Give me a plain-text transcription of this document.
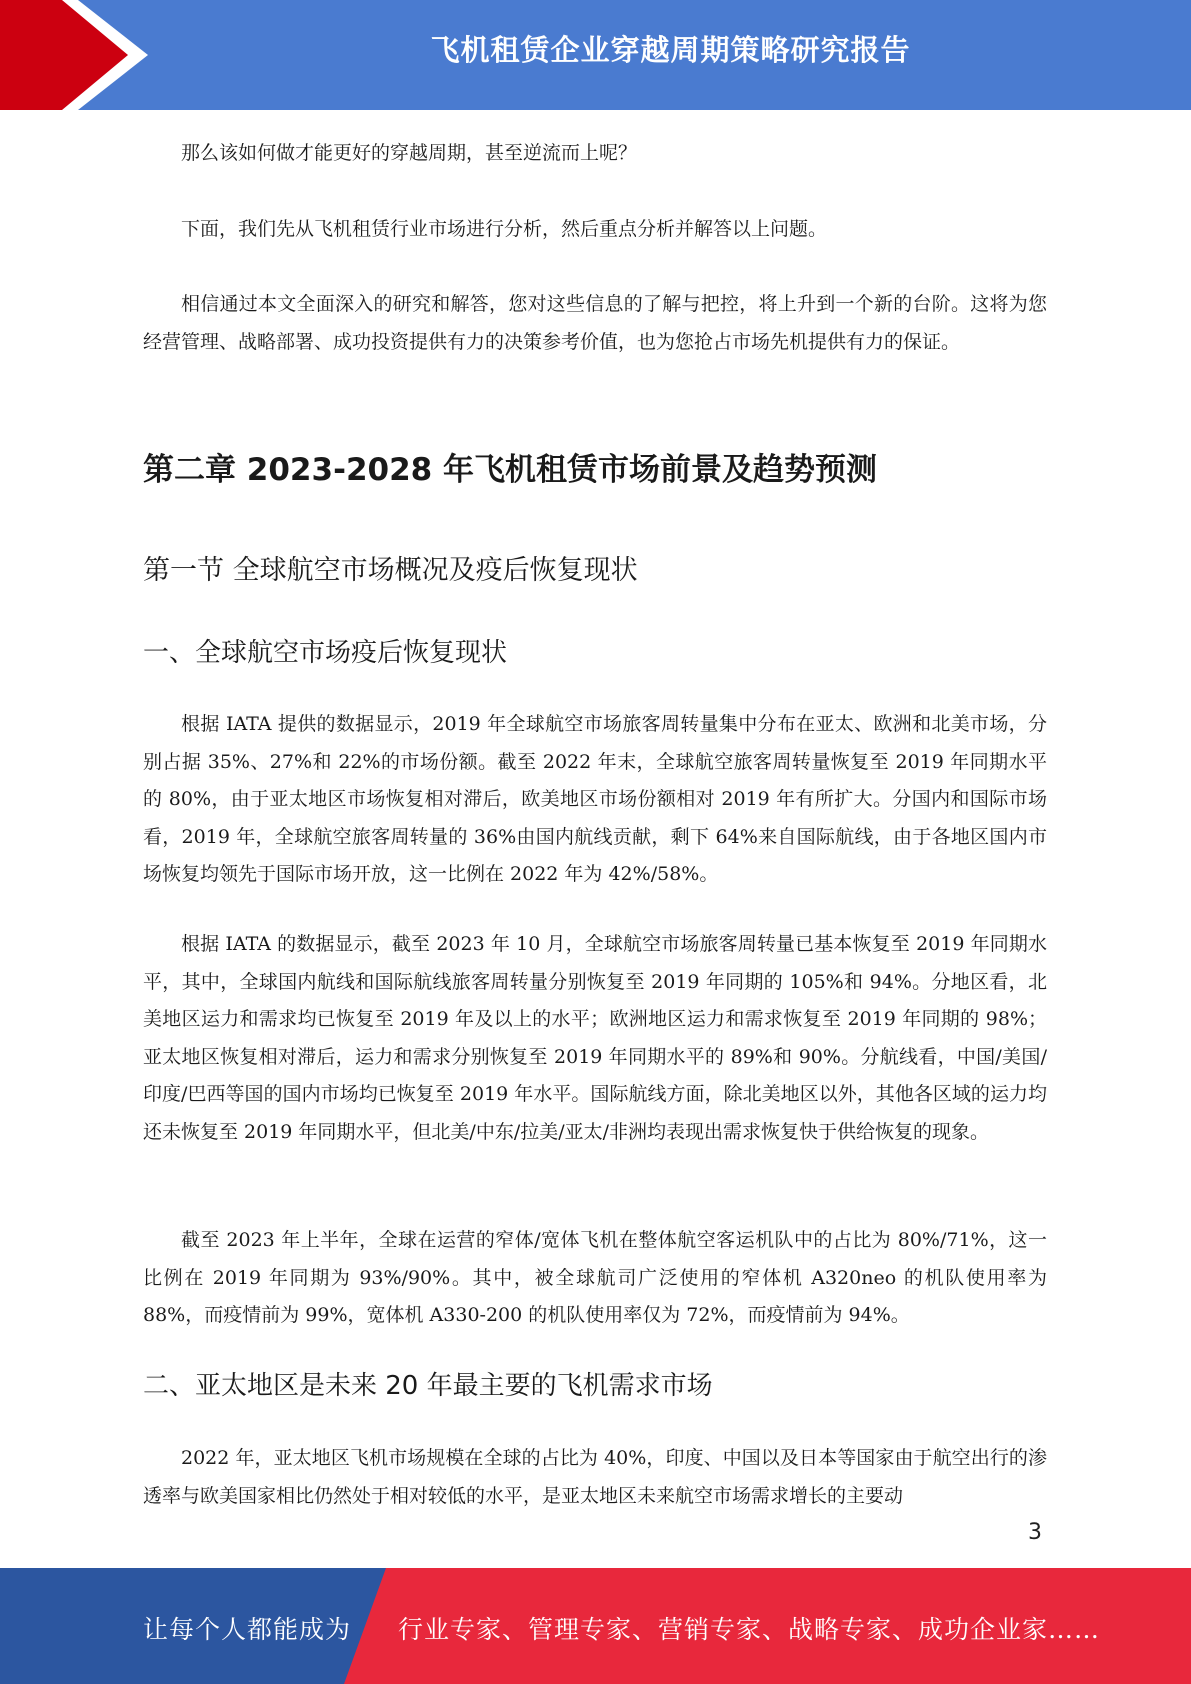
飞机租赁企业穿越周期策略研究报告

那么该如何做才能更好的穿越周期，甚至逆流而上呢？

下面，我们先从飞机租赁行业市场进行分析，然后重点分析并解答以上问题。

相信通过本文全面深入的研究和解答，您对这些信息的了解与把控，将上升到一个新的台阶。这将为您经营管理、战略部署、成功投资提供有力的决策参考价值，也为您抢占市场先机提供有力的保证。

第二章 2023-2028 年飞机租赁市场前景及趋势预测
第一节 全球航空市场概况及疫后恢复现状
一、全球航空市场疫后恢复现状

根据 IATA 提供的数据显示，2019 年全球航空市场旅客周转量集中分布在亚太、欧洲和北美市场，分别占据 35%、27%和 22%的市场份额。截至 2022 年末，全球航空旅客周转量恢复至 2019 年同期水平的 80%，由于亚太地区市场恢复相对滞后，欧美地区市场份额相对 2019 年有所扩大。分国内和国际市场看，2019 年，全球航空旅客周转量的 36%由国内航线贡献，剩下 64%来自国际航线，由于各地区国内市场恢复均领先于国际市场开放，这一比例在 2022 年为 42%/58%。

根据 IATA 的数据显示，截至 2023 年 10 月，全球航空市场旅客周转量已基本恢复至 2019 年同期水平，其中，全球国内航线和国际航线旅客周转量分别恢复至 2019 年同期的 105%和 94%。分地区看，北美地区运力和需求均已恢复至 2019 年及以上的水平；欧洲地区运力和需求恢复至 2019 年同期的 98%；亚太地区恢复相对滞后，运力和需求分别恢复至 2019 年同期水平的 89%和 90%。分航线看，中国/美国/印度/巴西等国的国内市场均已恢复至 2019 年水平。国际航线方面，除北美地区以外，其他各区域的运力均还未恢复至 2019 年同期水平，但北美/中东/拉美/亚太/非洲均表现出需求恢复快于供给恢复的现象。

截至 2023 年上半年，全球在运营的窄体/宽体飞机在整体航空客运机队中的占比为 80%/71%，这一比例在 2019 年同期为 93%/90%。其中，被全球航司广泛使用的窄体机 A320neo 的机队使用率为 88%，而疫情前为 99%，宽体机 A330-200 的机队使用率仅为 72%，而疫情前为 94%。

二、亚太地区是未来 20 年最主要的飞机需求市场

2022 年，亚太地区飞机市场规模在全球的占比为 40%，印度、中国以及日本等国家由于航空出行的渗透率与欧美国家相比仍然处于相对较低的水平，是亚太地区未来航空市场需求增长的主要动

3
让每个人都能成为 行业专家、管理专家、营销专家、战略专家、成功企业家……
